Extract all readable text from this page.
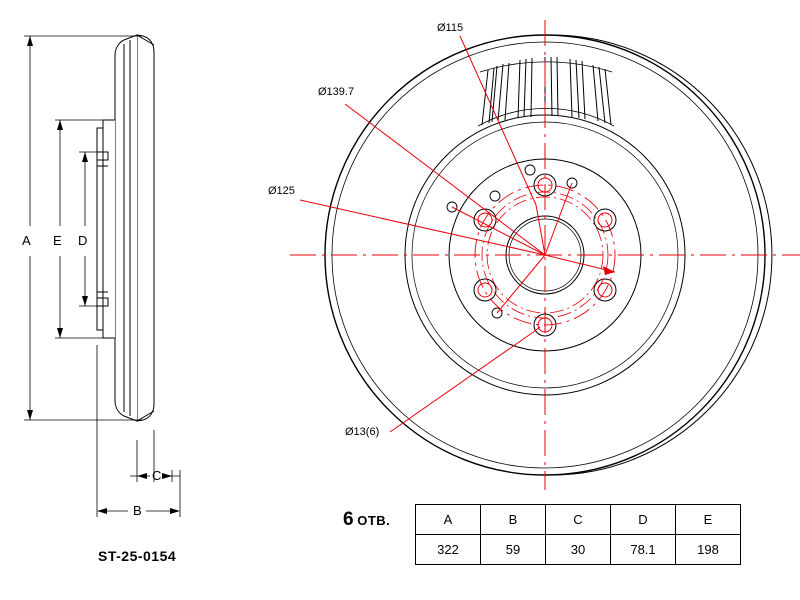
Ø115
Ø139.7
Ø125
Ø13(6)
A E D
C
B
ST-25-0154
6 ОТВ.	A	B	C	D	E
	322	59	30	78.1	198
